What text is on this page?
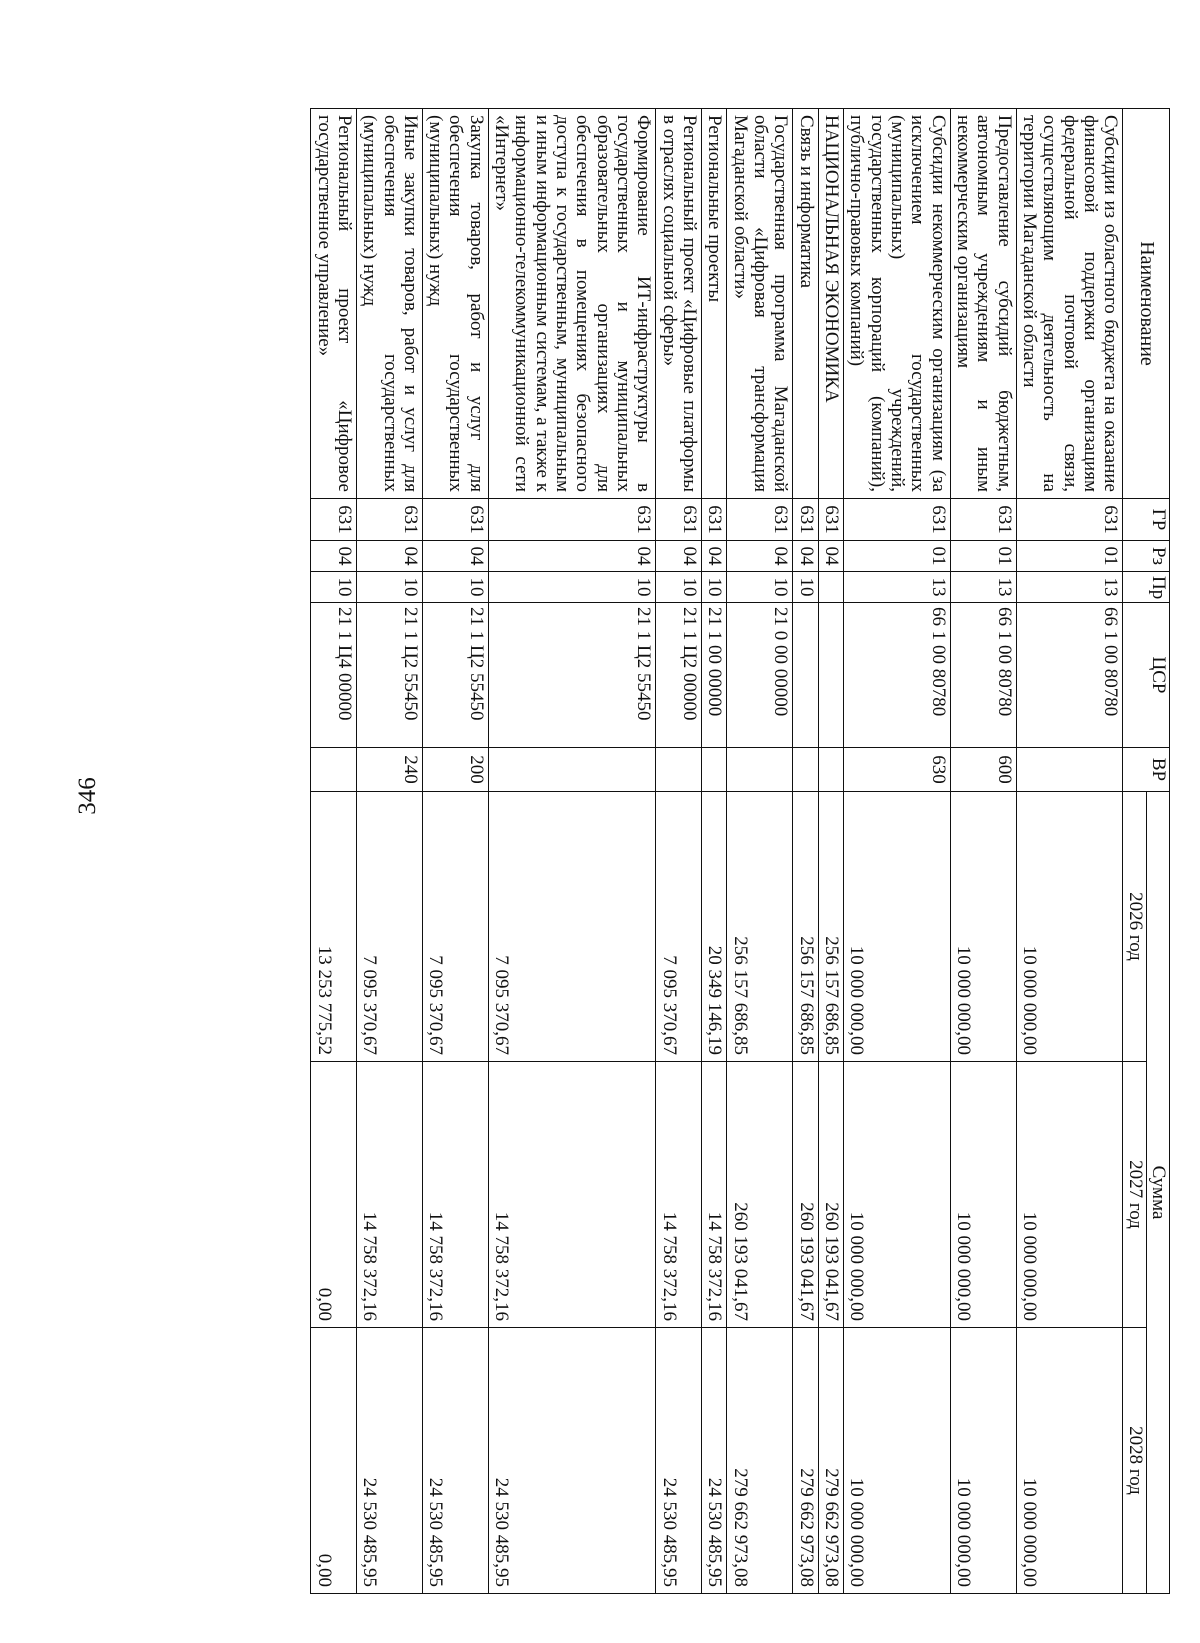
346
Наименование	ГР	Рз	Пр	ЦСР	ВР	Сумма		
						2026 год	2027 год	2028 год
Субсидии из областного бюджета на оказание финансовой поддержки организациям федеральной почтовой связи, осуществляющим деятельность на территории Магаданской области	631	01	13	66 1 00 80780		10 000 000,00	10 000 000,00	10 000 000,00
Предоставление субсидий бюджетным, автономным учреждениям и иным некоммерческим организациям	631	01	13	66 1 00 80780	600	10 000 000,00	10 000 000,00	10 000 000,00
Субсидии некоммерческим организациям (за исключением государственных (муниципальных) учреждений, государственных корпораций (компаний), публично-правовых компаний)	631	01	13	66 1 00 80780	630	10 000 000,00	10 000 000,00	10 000 000,00
НАЦИОНАЛЬНАЯ ЭКОНОМИКА	631	04				256 157 686,85	260 193 041,67	279 662 973,08
Связь и информатика	631	04	10			256 157 686,85	260 193 041,67	279 662 973,08
Государственная программа Магаданской области «Цифровая трансформация Магаданской области»	631	04	10	21 0 00 00000		256 157 686,85	260 193 041,67	279 662 973,08
Региональные проекты	631	04	10	21 1 00 00000		20 349 146,19	14 758 372,16	24 530 485,95
Региональный проект «Цифровые платформы в отраслях социальной сферы»	631	04	10	21 1 Ц2 00000		7 095 370,67	14 758 372,16	24 530 485,95
Формирование ИТ-инфраструктуры в государственных и муниципальных образовательных организациях для обеспечения в помещениях безопасного доступа к государственным, муниципальным и иным информационным системам, а также к информационно-телекоммуникационной сети «Интернет»	631	04	10	21 1 Ц2 55450		7 095 370,67	14 758 372,16	24 530 485,95
Закупка товаров, работ и услуг для обеспечения государственных (муниципальных) нужд	631	04	10	21 1 Ц2 55450	200	7 095 370,67	14 758 372,16	24 530 485,95
Иные закупки товаров, работ и услуг для обеспечения государственных (муниципальных) нужд	631	04	10	21 1 Ц2 55450	240	7 095 370,67	14 758 372,16	24 530 485,95
Региональный проект «Цифровое государственное управление»	631	04	10	21 1 Ц4 00000		13 253 775,52	0,00	0,00
